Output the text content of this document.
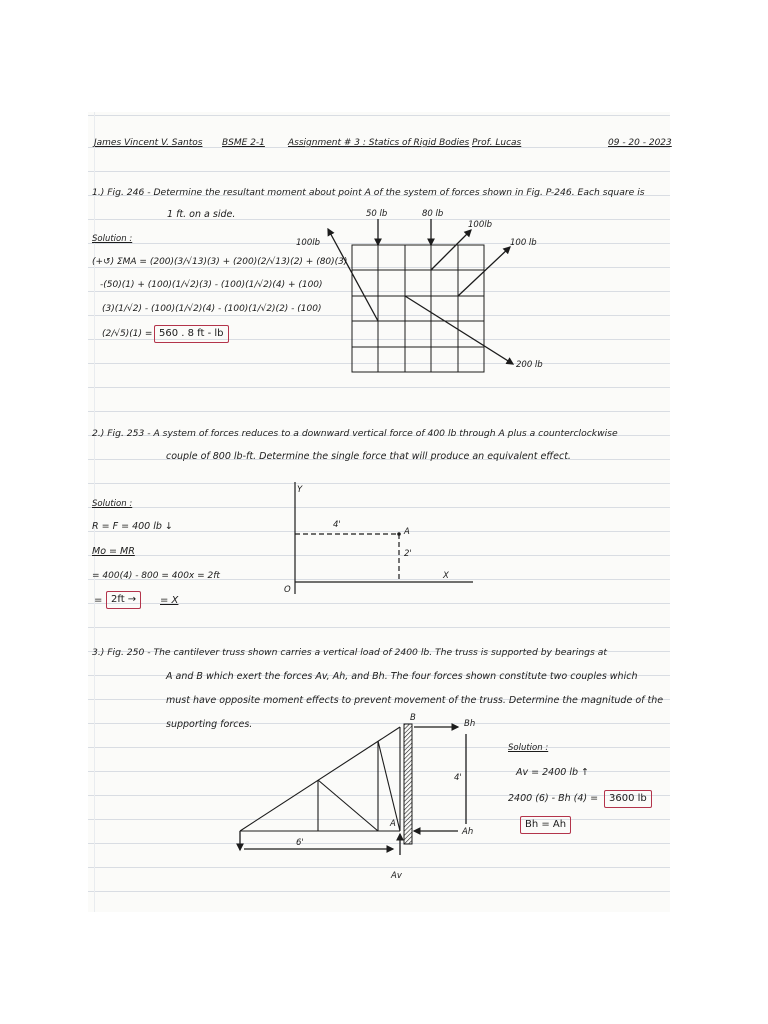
James Vincent V. Santos BSME 2-1	Assignment # 3 : Statics of Rigid Bodies Prof. Lucas	09 - 20 - 2023
1.) Fig. 246 - Determine the resultant moment about point A of the system of forces shown in Fig. P-246. Each square is
1 ft. on a side.
Solution :
(+↺) ΣMA = (200)(3/√13)(3) + (200)(2/√13)(2) + (80)(3)
-(50)(1) + (100)(1/√2)(3) - (100)(1/√2)(4) + (100)
(3)(1/√2) - (100)(1/√2)(4) - (100)(1/√2)(2) - (100)
(2/√5)(1) = 560 . 8 ft - lb
50 lb	80 lb
100lb
100lb
100 lb
200 lb
2.) Fig. 253 - A system of forces reduces to a downward vertical force of 400 lb through A plus a counterclockwise
couple of 800 lb-ft. Determine the single force that will produce an equivalent effect.
Solution :
R = F = 400 lb ↓
Mo = MR
= 400(4) - 800 = 400x = 2ft
= 2ft →	= X
Y
X
A
O
4'
2'
3.) Fig. 250 - The cantilever truss shown carries a vertical load of 2400 lb. The truss is supported by bearings at
A and B which exert the forces Av, Ah, and Bh. The four forces shown constitute two couples which
must have opposite moment effects to prevent movement of the truss. Determine the magnitude of the
supporting forces.
B
Bh
A
Ah
Av
6'
4'
Solution :
Av = 2400 lb ↑
2400 (6) - Bh (4) =	3600 lb
Bh = Ah
